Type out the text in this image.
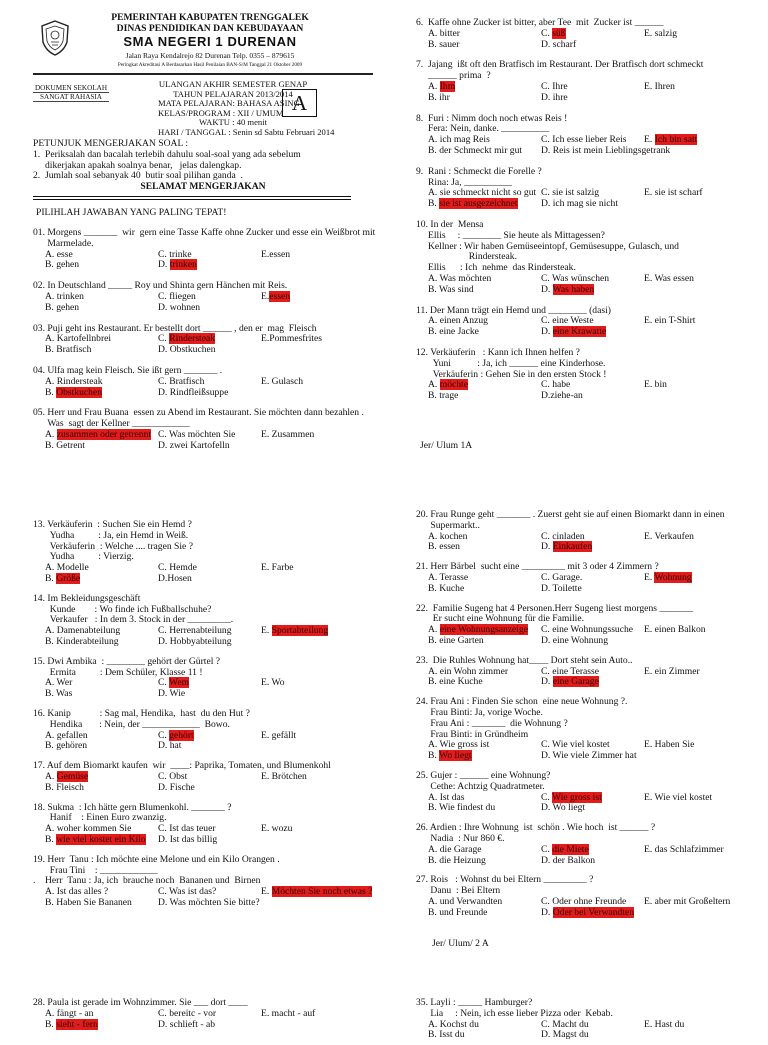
PEMERINTAH KABUPATEN TRENGGALEK
DINAS PENDIDIKAN DAN KEBUDAYAAN
SMA NEGERI 1 DURENAN
Jalan Raya Kendalrejo 82 Durenan Telp. 0355 – 879615
Peringkat Akreditasi A Berdasarkan Hasil Penilaian BAN-S/M Tanggal 21 Oktober 2009
DOKUMEN SEKOLAH
SANGAT RAHASIA
ULANGAN AKHIR SEMESTER GENAP
TAHUN PELAJARAN 2013/2014
MATA PELAJARAN: BAHASA ASING
KELAS/PROGRAM : XII / UMUM
WAKTU : 40 menit
HARI / TANGGAL : Senin sd Sabtu Februari 2014
A
PETUNJUK MENGERJAKAN SOAL :
1.  Periksalah dan bacalah terlebih dahulu soal-soal yang ada sebelum
dikerjakan apakah soalnya benar,   jelas dalengkap.
2.  Jumlah soal sebanyak 40  butir soal pilihan ganda  .
SELAMAT MENGERJAKAN
PILIHLAH JAWABAN YANG PALING TEPAT!
01. Morgens _______  wir  gern eine Tasse Kaffe ohne Zucker und esse ein Weißbrot mit
Marmelade.
A. esse	C. trinke	E.essen
B. gehen	D. trinken
02. In Deutschland _____ Roy und Shinta gern Hänchen mit Reis.
A. trinken	C. fliegen	E.essen
B. gehen	D. wohnen
03. Puji geht ins Restaurant. Er bestellt dort ______ , den er  mag  Fleisch
A. Kartofellnbrei	C. Rindersteak	E.Pommesfrites
B. Bratfisch	D. Obstkuchen
04. Ulfa mag kein Fleisch. Sie ißt gern _______ .
A. Rindersteak	C. Bratfisch	E. Gulasch
B. Obstkuchen	D. Rindfleißsuppe
05. Herr und Frau Buana  essen zu Abend im Restaurant. Sie möchten dann bezahlen .
Was  sagt der Kellner ____________
A. zusammen oder getrennt C. Was möchten Sie	E. Zusammen
B. Getrent	D. zwei Kartofelln
6.  Kaffe ohne Zucker ist bitter, aber Tee  mit  Zucker ist ______
A. bitter	C. süß	E. salzig
B. sauer	D. scharf
7.  Jajang  ißt oft den Bratfisch im Restaurant. Der Bratfisch dort schmeckt
______ prima  ?
A. Ihm	C. Ihre	E. Ihren
B. ihr	D. ihre
8.  Furi : Nimm doch noch etwas Reis !
Fera: Nein, danke. __________
A. ich mag Reis	C. Ich esse lieber Reis E. Ich bin satt
B. der Schmeckt mir gut D. Reis ist mein Lieblingsgetrank
9.  Rani : Schmeckt die Forelle ?
Rina: Ja, __________
A. sie schmeckt nicht so gut C. sie ist salzig	E. sie ist scharf
B. sie ist ausgezeichnet D. ich mag sie nicht
10. In der  Mensa
Ellis     : ________ Sie heute als Mittagessen?
Kellner : Wir haben Gemüseeintopf, Gemüsesuppe, Gulasch, und
Rindersteak.
Ellis      : Ich  nehme  das Rindersteak.
A. Was möchten	C. Was wünschen	E. Was essen
B. Was sind	D. Was haben
11. Der Mann trägt ein Hemd und ________ (dasi)
A. einen Anzug	C. eine Weste	E. ein T-Shirt
B. eine Jacke	D. eine Krawatte
12. Verkäuferin   : Kann ich Ihnen helfen ?
Yuni           : Ja, ich ______ eine Kinderhose.
Verkäuferin : Gehen Sie in den ersten Stock !
A. möchte	C. habe	E. bin
B. trage	D.ziehe-an
Jer/ Ulum 1A
13. Verkäuferin  : Suchen Sie ein Hemd ?
Yudha          : Ja, ein Hemd in Weiß.
Verkäuferin  : Welche .... tragen Sie ?
Yudha          : Vierzig.
A. Modelle	C. Hemde	E. Farbe
B. Größe	D.Hosen
14. Im Bekleidungsgeschäft
Kunde        : Wo finde ich Fußballschuhe?
Verkaufer   : In dem 3. Stock in der _________.
A. Damenabteilung	C. Herrenabteilung	E. Sportabteilung
B. Kinderabteilung	D. Hobbyabteilung
15. Dwi Ambika  : ________ gehört der Gürtel ?
Ermita          : Dem Schüler, Klasse 11 !
A. Wer	C. Wem	E. Wo
B. Was	D. Wie
16. Kanip            : Sag mal, Hendika,  hast  du den Hut ?
Hendika       : Nein, der ____________  Bowo.
A. gefallen	C. gehört	E. gefällt
B. gehören	D. hat
17. Auf dem Biomarkt kaufen  wir  ____: Paprika, Tomaten, und Blumenkohl
A. Gemüse	C. Obst	E. Brötchen
B. Fleisch	D. Fische
18. Sukma  : Ich hätte gern Blumenkohl. _______ ?
Hanif    : Einen Euro zwanzig.
A. woher kommen Sie	C. Ist das teuer	E. wozu
B. wie viel kostet ein Kilo D. Ist das billig
19. Herr  Tanu : Ich möchte eine Melone und ein Kilo Orangen .
Frau Tini    : ____________
.    Herr  Tanu : Ja, ich  brauche noch  Bananen und  Birnen
A. Ist das alles ?	C. Was ist das?	E. Möchten Sie noch etwas ?
B. Haben Sie Bananen	D. Was möchten Sie bitte?
20. Frau Runge geht _______ . Zuerst geht sie auf einen Biomarkt dann in einen
Supermarkt..
A. kochen	C. cinladen	E. Verkaufen
B. essen	D. Einkaufen
21. Herr Bärbel  sucht eine _________ mit 3 oder 4 Zimmern ?
A. Terasse	C. Garage.	E. Wohnung
B. Kuche	D. Toilette
22.  Familie Sugeng hat 4 Personen.Herr Sugeng liest morgens _______
Er sucht eine Wohnung für die Familie.
A. eine Wohnungsanzeige C. eine Wohnungssuche E. einen Balkon
B. eine Garten	D. eine Wohnung
23.  Die Ruhles Wohnung hat____ Dort steht sein Auto..
A. ein Wohn zimmer	C. eine Terasse	E. ein Zimmer
B. eine Kuche	D. eine Garage
24. Frau Ani : Finden Sie schon  eine neue Wohnung ?.
Frau Binti: Ja, vorige Woche.
Frau Ani : _______  die Wohnung ?
Frau Binti: in Gründheim
A. Wie gross ist	C. Wie viel kostet	E. Haben Sie
B. Wo liegt	D. Wie viele Zimmer hat
25. Gujer : ______ eine Wohnung?
Cethe: Achtzig Quadratmeter.
A. Ist das	C. Wie gross ist	E. Wie viel kostet
B. Wie findest du	D. Wo liegt
26. Ardien : Ihre Wohnung  ist  schön . Wie hoch  ist ______ ?
Nadia  : Nur 860 €.
A. die Garage	C. die Miete	E. das Schlafzimmer
B. die Heizung	D. der Balkon
27. Rois   : Wohnst du bei Eltern _________ ?
Danu  : Bei Eltern
A. und Verwandten	C. Oder ohne Freunde E. aber mit Großeltern
B. und Freunde	D. Oder bei Verwandten
Jer/ Ulum/ 2 A
28. Paula ist gerade im Wohnzimmer. Sie ___ dort ____
A. fängt - an	C. bereitc - vor	E. macht - auf
B. sieht - fern	D. schlieft - ab
35. Layli : _____ Hamburger?
Lia     : Nein, ich esse lieber Pizza oder  Kebab.
A. Kochst du	C. Macht du	E. Hast du
B. Isst du	D. Magst du
